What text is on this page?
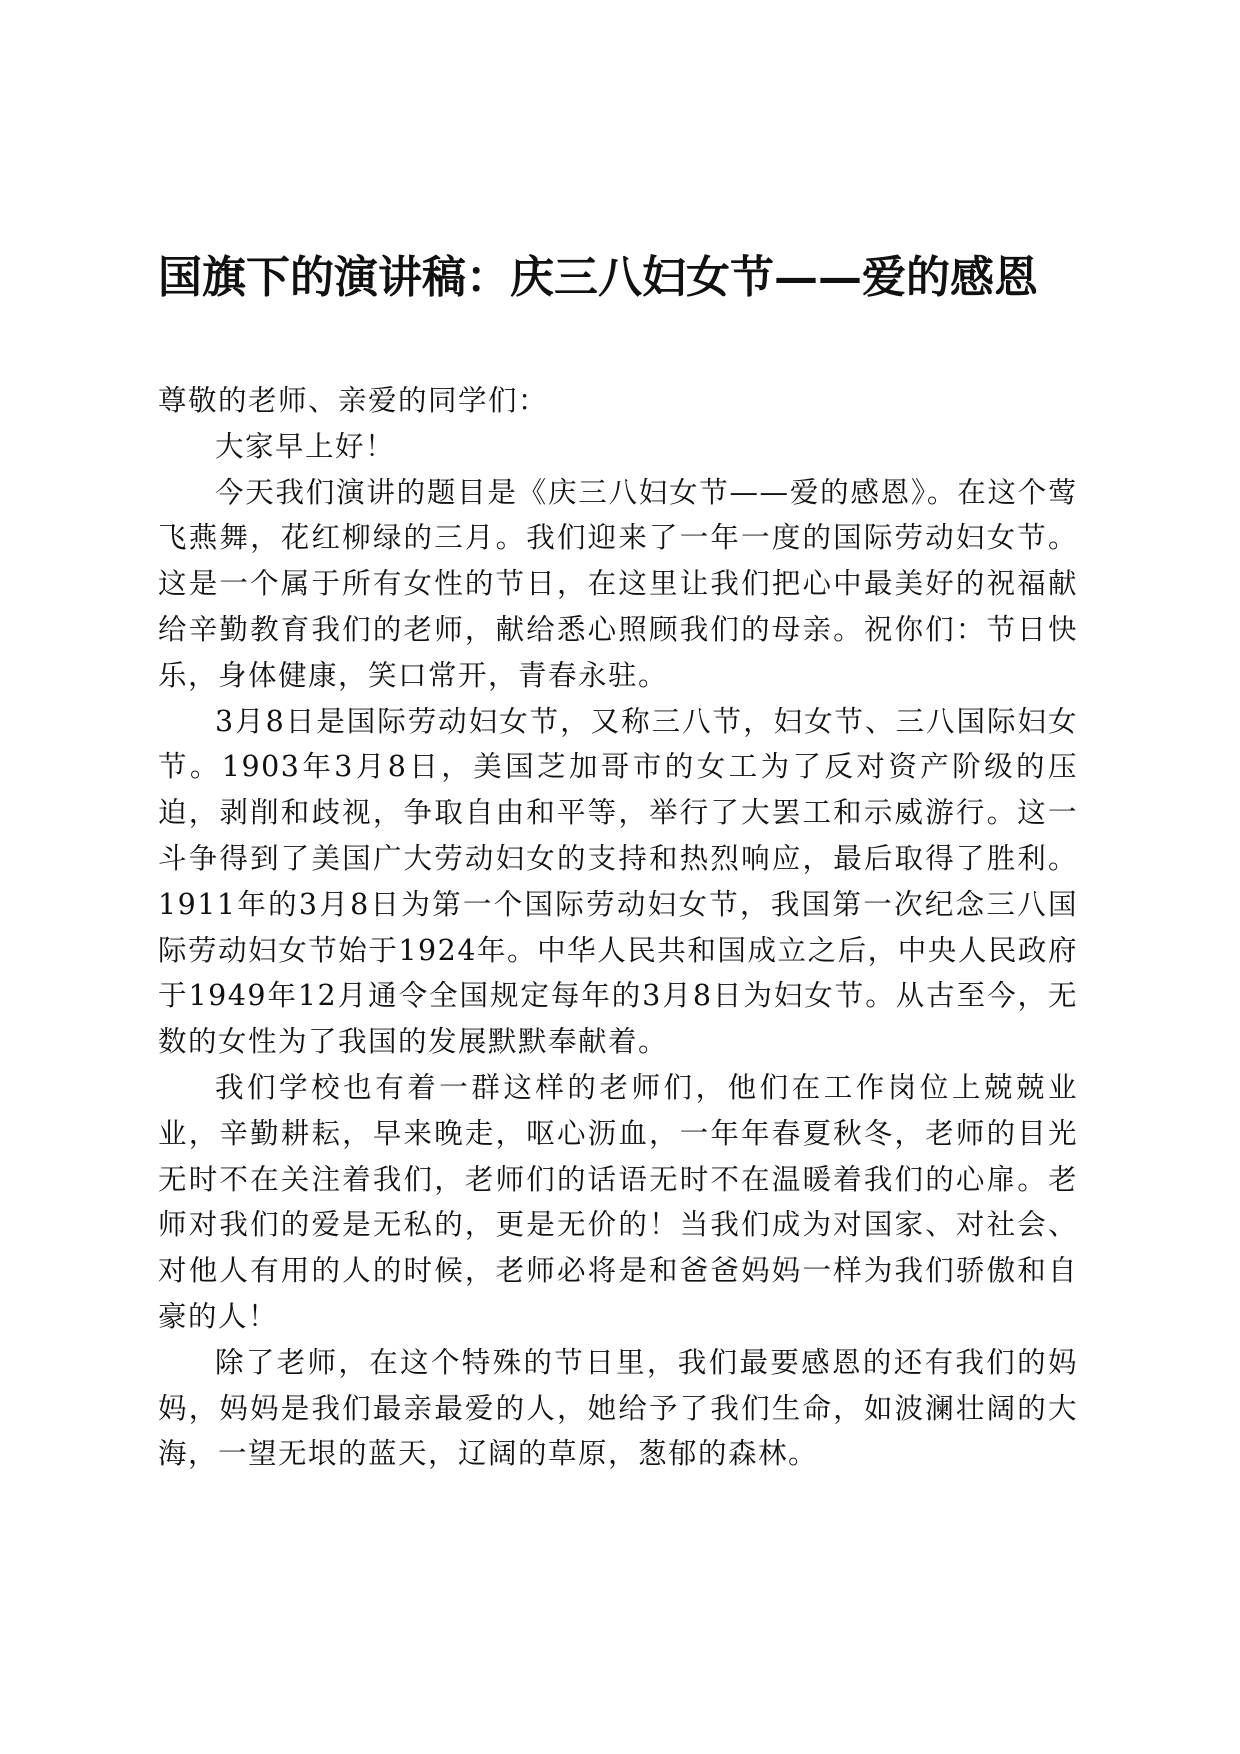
国旗下的演讲稿：庆三八妇女节——爱的感恩

尊敬的老师、亲爱的同学们：

大家早上好！

今天我们演讲的题目是《庆三八妇女节——爱的感恩》。在这个莺飞燕舞，花红柳绿的三月。我们迎来了一年一度的国际劳动妇女节。这是一个属于所有女性的节日，在这里让我们把心中最美好的祝福献给辛勤教育我们的老师，献给悉心照顾我们的母亲。祝你们：节日快乐，身体健康，笑口常开，青春永驻。

3月8日是国际劳动妇女节，又称三八节，妇女节、三八国际妇女节。1903年3月8日，美国芝加哥市的女工为了反对资产阶级的压迫，剥削和歧视，争取自由和平等，举行了大罢工和示威游行。这一斗争得到了美国广大劳动妇女的支持和热烈响应，最后取得了胜利。1911年的3月8日为第一个国际劳动妇女节，我国第一次纪念三八国际劳动妇女节始于1924年。中华人民共和国成立之后，中央人民政府于1949年12月通令全国规定每年的3月8日为妇女节。从古至今，无数的女性为了我国的发展默默奉献着。

我们学校也有着一群这样的老师们，他们在工作岗位上兢兢业业，辛勤耕耘，早来晚走，呕心沥血，一年年春夏秋冬，老师的目光无时不在关注着我们，老师们的话语无时不在温暖着我们的心扉。老师对我们的爱是无私的，更是无价的！当我们成为对国家、对社会、对他人有用的人的时候，老师必将是和爸爸妈妈一样为我们骄傲和自豪的人！

除了老师，在这个特殊的节日里，我们最要感恩的还有我们的妈妈，妈妈是我们最亲最爱的人，她给予了我们生命，如波澜壮阔的大海，一望无垠的蓝天，辽阔的草原，葱郁的森林。
